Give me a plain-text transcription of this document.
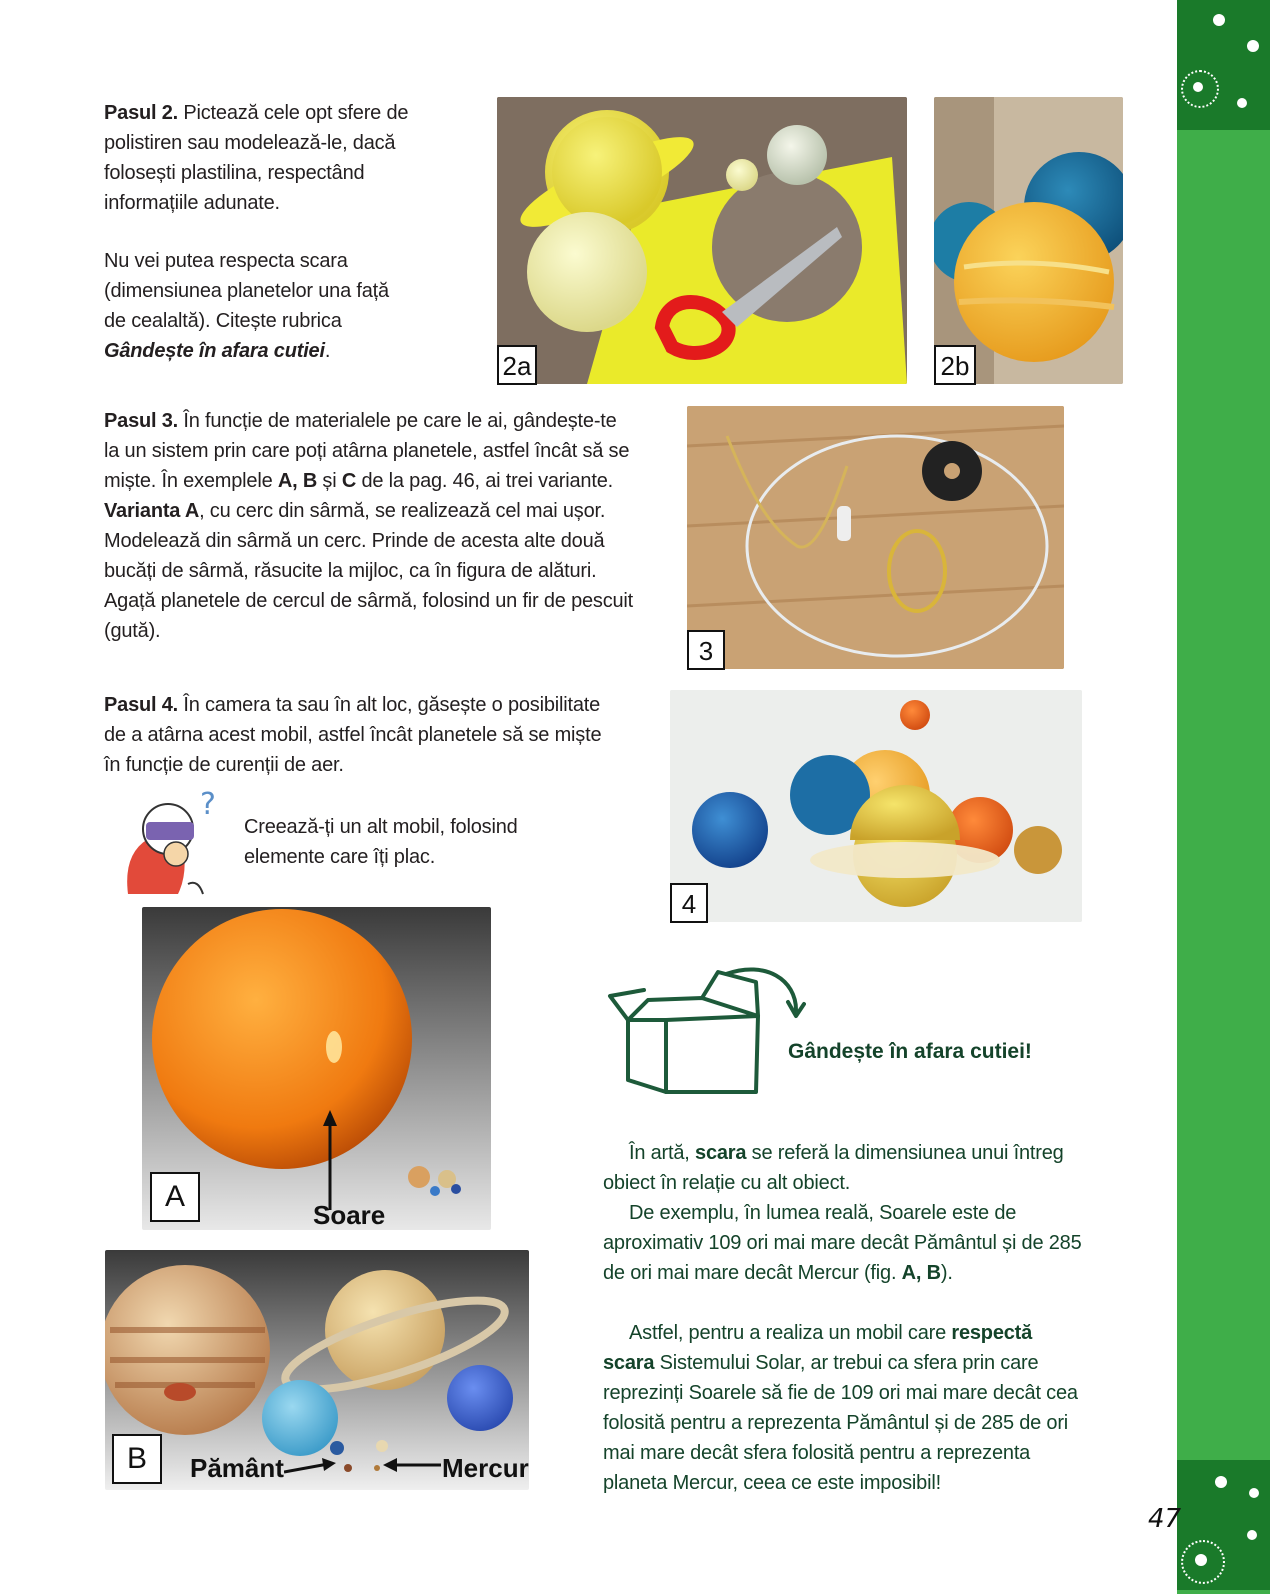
Pasul 2. Pictează cele opt sfere de polistiren sau modelează-le, dacă folosești plastilina, respectând informațiile adunate.
Nu vei putea respecta scara (dimensiunea planetelor una față de cealaltă). Citește rubrica Gândește în afara cutiei.	2a	2b
Pasul 3. În funcție de materialele pe care le ai, gândește-te la un sistem prin care poți atârna planetele, astfel încât să se miște. În exemplele A, B și C de la pag. 46, ai trei variante. Varianta A, cu cerc din sârmă, se realizează cel mai ușor. Modelează din sârmă un cerc. Prinde de acesta alte două bucăți de sârmă, răsucite la mijloc, ca în figura de alături. Agață planetele de cercul de sârmă, folosind un fir de pescuit (gută).
3
Pasul 4. În camera ta sau în alt loc, găsește o posibilitate de a atârna acest mobil, astfel încât planetele să se miște în funcție de curenții de aer.
?
Creează-ți un alt mobil, folosind elemente care îți plac.
4
Soare
A
Pământ	Mercur
B
Gândește în afara cutiei!
În artă, scara se referă la dimensiunea unui întreg obiect în relație cu alt obiect.
De exemplu, în lumea reală, Soarele este de aproximativ 109 ori mai mare decât Pământul și de 285 de ori mai mare decât Mercur (fig. A, B).
Astfel, pentru a realiza un mobil care respectă scara Sistemului Solar, ar trebui ca sfera prin care reprezinți Soarele să fie de 109 ori mai mare decât cea folosită pentru a reprezenta Pământul și de 285 de ori mai mare decât sfera folosită pentru a reprezenta planeta Mercur, ceea ce este imposibil!
47
